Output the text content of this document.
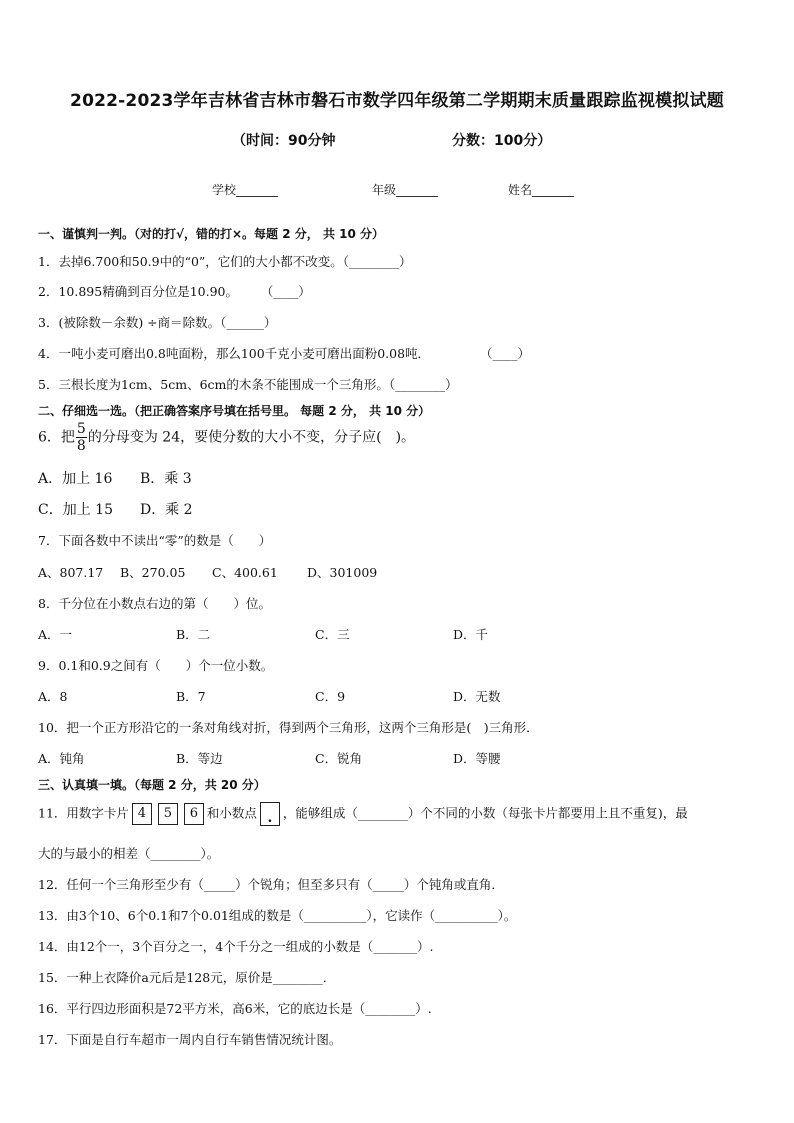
2022-2023学年吉林省吉林市磐石市数学四年级第二学期期末质量跟踪监视模拟试题
（时间：90分钟	分数：100分）
学校_______	年级_______	姓名_______
一、谨慎判一判。（对的打√，错的打×。每题 2 分， 共 10 分）
1．去掉6.700和50.9中的“0”，它们的大小都不改变。（________）
2．10.895精确到百分位是10.90。　　 （____）
3．(被除数－余数) ÷商＝除数。（______）
4．一吨小麦可磨出0.8吨面粉，那么100千克小麦可磨出面粉0.08吨．　　　　　（____）
5．三根长度为1cm、5cm、6cm的木条不能围成一个三角形。（________）
二、仔细选一选。（把正确答案序号填在括号里。 每题 2 分， 共 10 分）
6．把 $\frac{5}{8}$ 的分母变为 24，要使分数的大小不变，分子应(　)。
A．加上 16 B．乘 3
C．加上 15 D．乘 2
7．下面各数中不读出“零”的数是（　　）
A、807.17 B、270.05 C、400.61 D、301009
8．千分位在小数点右边的第（　　）位。
A．一	B．二	C．三	D．千
9．0.1和0.9之间有（　　）个一位小数。
A．8	B．7	C．9	D．无数
10．把一个正方形沿它的一条对角线对折，得到两个三角形，这两个三角形是(　)三角形．
A．钝角	B．等边	C．锐角	D．等腰
三、认真填一填。（每题 2 分，共 20 分）
11．用数字卡片 4 5 6 和小数点 . ，能够组成（________）个不同的小数（每张卡片都要用上且不重复)，最
大的与最小的相差（________）。
12．任何一个三角形至少有（_____）个锐角；但至多只有（_____）个钝角或直角．
13．由3个10、6个0.1和7个0.01组成的数是（__________），它读作（__________）。
14．由12个一，3个百分之一，4个千分之一组成的小数是（_______）.
15．一种上衣降价a元后是128元，原价是________．
16．平行四边形面积是72平方米，高6米，它的底边长是（________）.
17．下面是自行车超市一周内自行车销售情况统计图。
